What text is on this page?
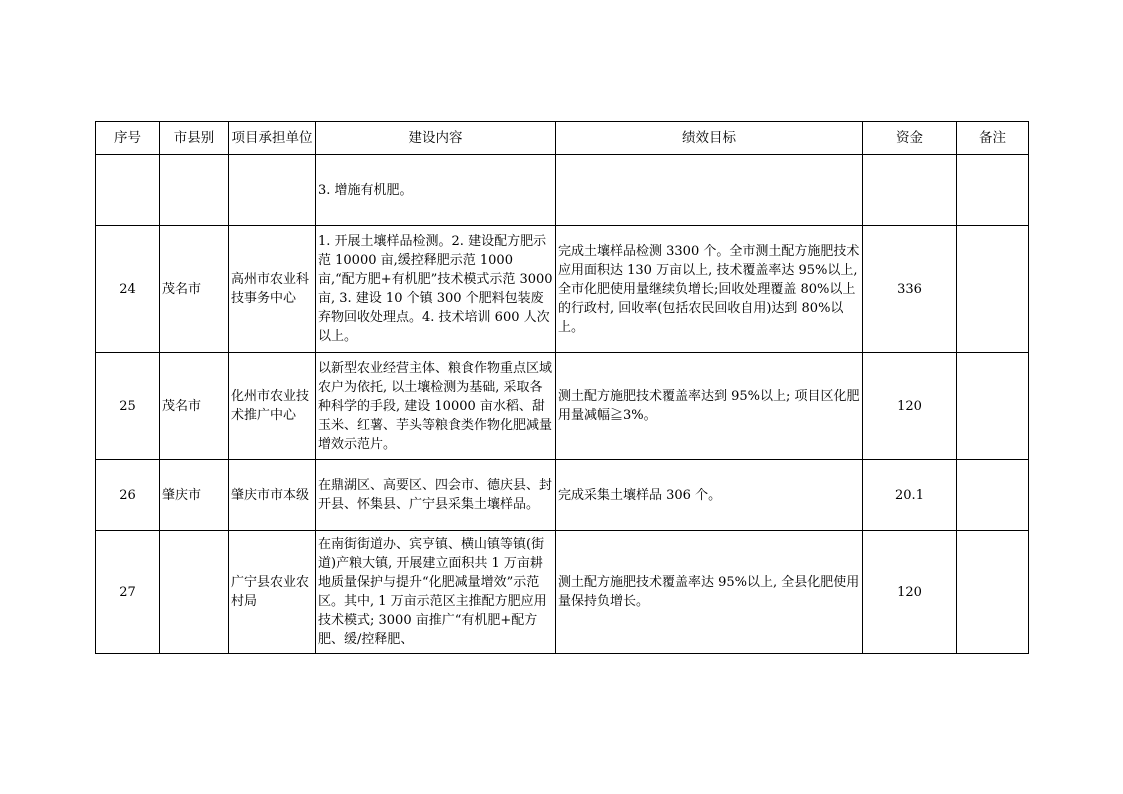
序号	市县别	项目承担单位	建设内容	绩效目标	资金	备注
			3. 增施有机肥。			
24	茂名市	高州市农业科技事务中心	1. 开展土壤样品检测。2. 建设配方肥示范 10000 亩,缓控释肥示范 1000 亩,“配方肥+有机肥”技术模式示范 3000 亩, 3. 建设 10 个镇 300 个肥料包装废弃物回收处理点。4. 技术培训 600 人次以上。	完成土壤样品检测 3300 个。全市测土配方施肥技术应用面积达 130 万亩以上, 技术覆盖率达 95%以上, 全市化肥使用量继续负增长;回收处理覆盖 80%以上的行政村, 回收率(包括农民回收自用)达到 80%以上。	336	
25	茂名市	化州市农业技术推广中心	以新型农业经营主体、粮食作物重点区域农户为依托, 以土壤检测为基础, 采取各种科学的手段, 建设 10000 亩水稻、甜玉米、红薯、芋头等粮食类作物化肥减量增效示范片。	测土配方施肥技术覆盖率达到 95%以上; 项目区化肥用量减幅≧3%。	120	
26	肇庆市	肇庆市市本级	在鼎湖区、高要区、四会市、德庆县、封开县、怀集县、广宁县采集土壤样品。	完成采集土壤样品 306 个。	20.1	
27		广宁县农业农村局	在南街街道办、宾亨镇、横山镇等镇(街道)产粮大镇, 开展建立面积共 1 万亩耕地质量保护与提升“化肥减量增效”示范区。其中, 1 万亩示范区主推配方肥应用技术模式; 3000 亩推广“有机肥+配方肥、缓/控释肥、	测土配方施肥技术覆盖率达 95%以上, 全县化肥使用量保持负增长。	120	
